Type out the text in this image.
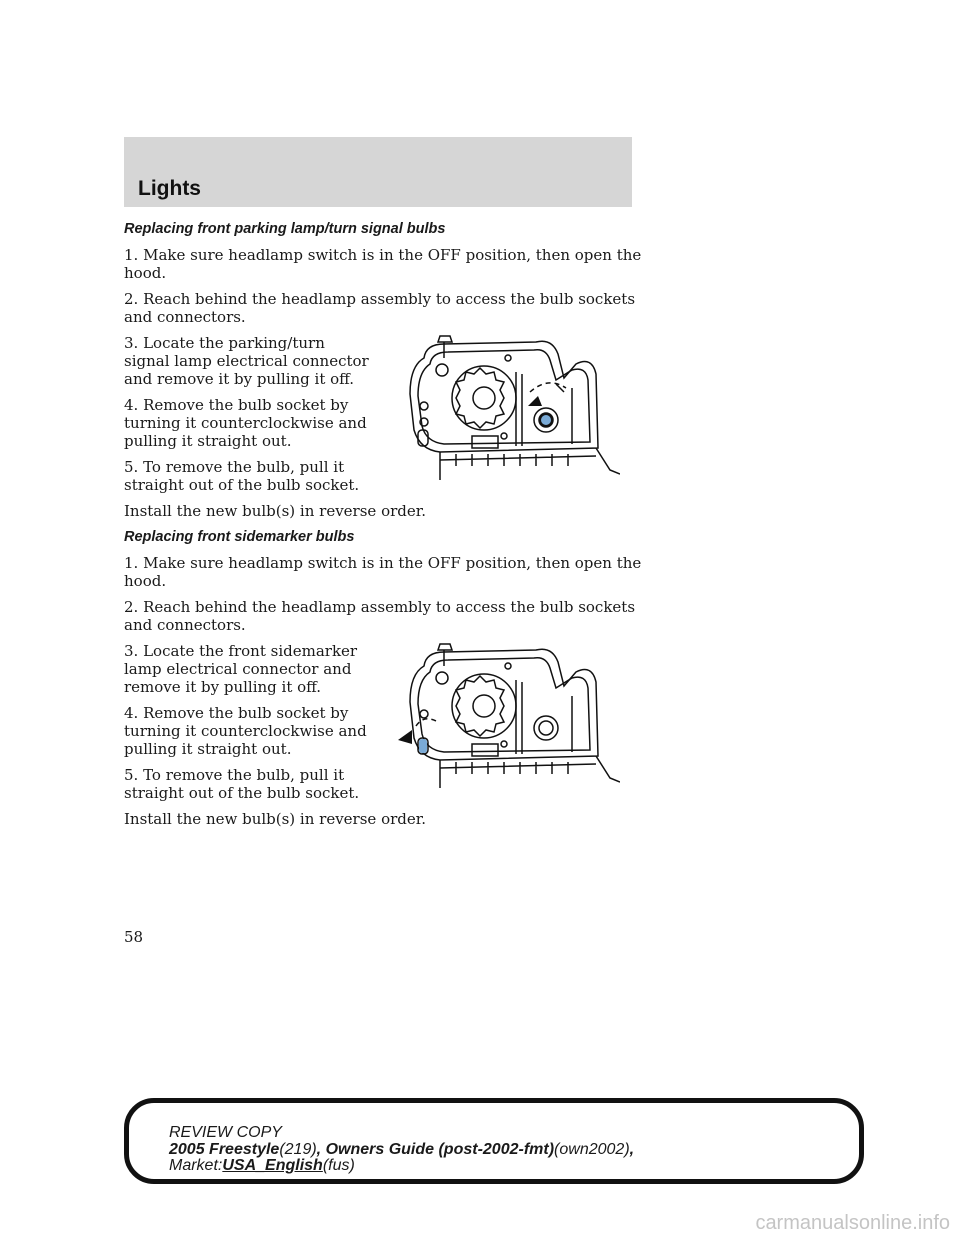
Lights
Replacing front parking lamp/turn signal bulbs

1. Make sure headlamp switch is in the OFF position, then open the hood.

2. Reach behind the headlamp assembly to access the bulb sockets and connectors.

3. Locate the parking/turn signal lamp electrical connector and remove it by pulling it off.

4. Remove the bulb socket by turning it counterclockwise and pulling it straight out.

5. To remove the bulb, pull it straight out of the bulb socket.

Install the new bulb(s) in reverse order.

Replacing front sidemarker bulbs

1. Make sure headlamp switch is in the OFF position, then open the hood.

2. Reach behind the headlamp assembly to access the bulb sockets and connectors.

3. Locate the front sidemarker lamp electrical connector and remove it by pulling it off.

4. Remove the bulb socket by turning it counterclockwise and pulling it straight out.

5. To remove the bulb, pull it straight out of the bulb socket.

Install the new bulb(s) in reverse order.

58
REVIEW COPY
2005 Freestyle(219), Owners Guide (post-2002-fmt)(own2002),
Market:USA_English(fus)
carmanualsonline.info
